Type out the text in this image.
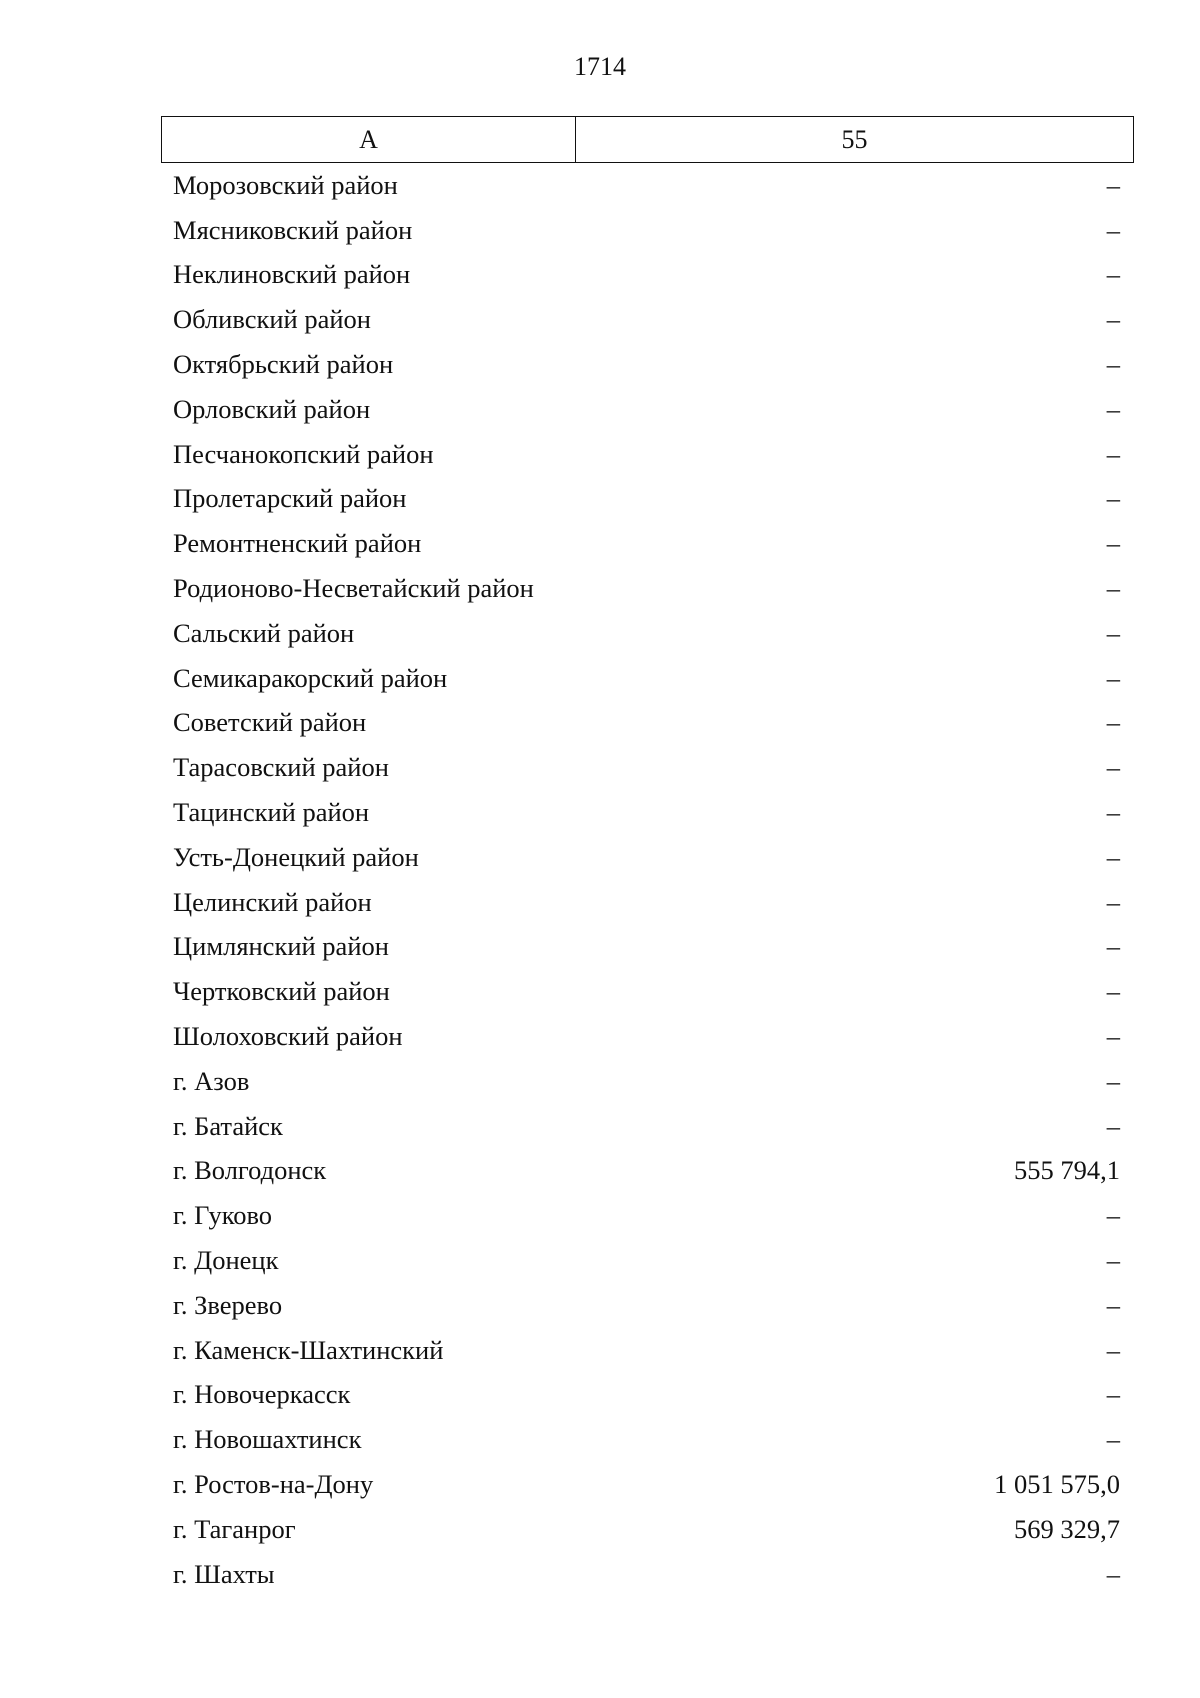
1714
А	55
Морозовский район	–
Мясниковский район	–
Неклиновский район	–
Обливский район	–
Октябрьский район	–
Орловский район	–
Песчанокопский район	–
Пролетарский район	–
Ремонтненский район	–
Родионово-Несветайский район	–
Сальский район	–
Семикаракорский район	–
Советский район	–
Тарасовский район	–
Тацинский район	–
Усть-Донецкий район	–
Целинский район	–
Цимлянский район	–
Чертковский район	–
Шолоховский район	–
г. Азов	–
г. Батайск	–
г. Волгодонск	555 794,1
г. Гуково	–
г. Донецк	–
г. Зверево	–
г. Каменск-Шахтинский	–
г. Новочеркасск	–
г. Новошахтинск	–
г. Ростов-на-Дону	1 051 575,0
г. Таганрог	569 329,7
г. Шахты	–
